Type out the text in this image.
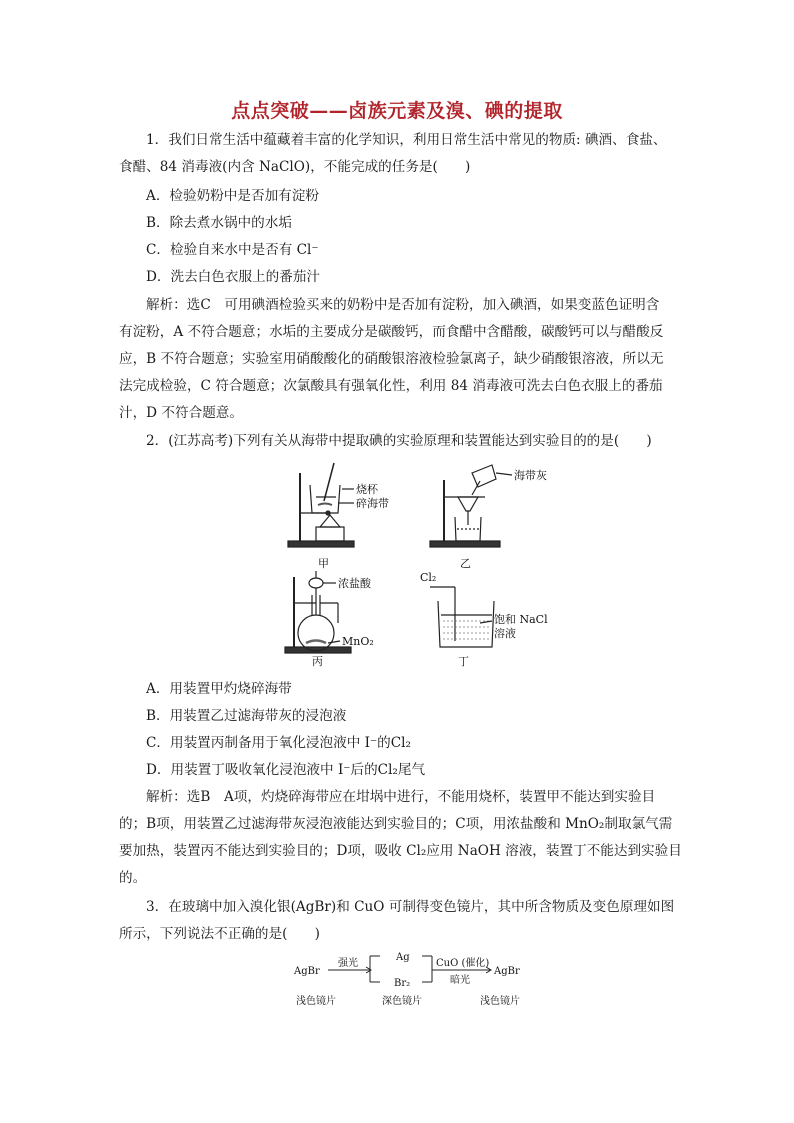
点点突破——卤族元素及溴、碘的提取
1．我们日常生活中蕴藏着丰富的化学知识，利用日常生活中常见的物质: 碘酒、食盐、
食醋、84 消毒液(内含 NaClO)，不能完成的任务是(　　)
A．检验奶粉中是否加有淀粉
B．除去煮水锅中的水垢
C．检验自来水中是否有 Cl⁻
D．洗去白色衣服上的番茄汁
解析：选C　可用碘酒检验买来的奶粉中是否加有淀粉，加入碘酒，如果变蓝色证明含
有淀粉，A 不符合题意；水垢的主要成分是碳酸钙，而食醋中含醋酸，碳酸钙可以与醋酸反
应，B 不符合题意；实验室用硝酸酸化的硝酸银溶液检验氯离子，缺少硝酸银溶液，所以无
法完成检验，C 符合题意；次氯酸具有强氧化性，利用 84 消毒液可洗去白色衣服上的番茄
汁，D 不符合题意。
2．(江苏高考)下列有关从海带中提取碘的实验原理和装置能达到实验目的的是(　　)
烧杯
碎海带
甲
海带灰
乙
浓盐酸
MnO₂
丙
Cl₂
饱和 NaCl
溶液
丁
A．用装置甲灼烧碎海带
B．用装置乙过滤海带灰的浸泡液
C．用装置丙制备用于氧化浸泡液中 I⁻的Cl₂
D．用装置丁吸收氧化浸泡液中 I⁻后的Cl₂尾气
解析：选B　A项，灼烧碎海带应在坩埚中进行，不能用烧杯，装置甲不能达到实验目
的；B项，用装置乙过滤海带灰浸泡液能达到实验目的；C项，用浓盐酸和 MnO₂制取氯气需
要加热，装置丙不能达到实验目的；D项，吸收 Cl₂应用 NaOH 溶液，装置丁不能达到实验目
的。
3．在玻璃中加入溴化银(AgBr)和 CuO 可制得变色镜片，其中所含物质及变色原理如图
所示，下列说法不正确的是(　　)
AgBr
强光
Ag
Br₂
CuO (催化)
暗光
AgBr
浅色镜片	深色镜片	浅色镜片
